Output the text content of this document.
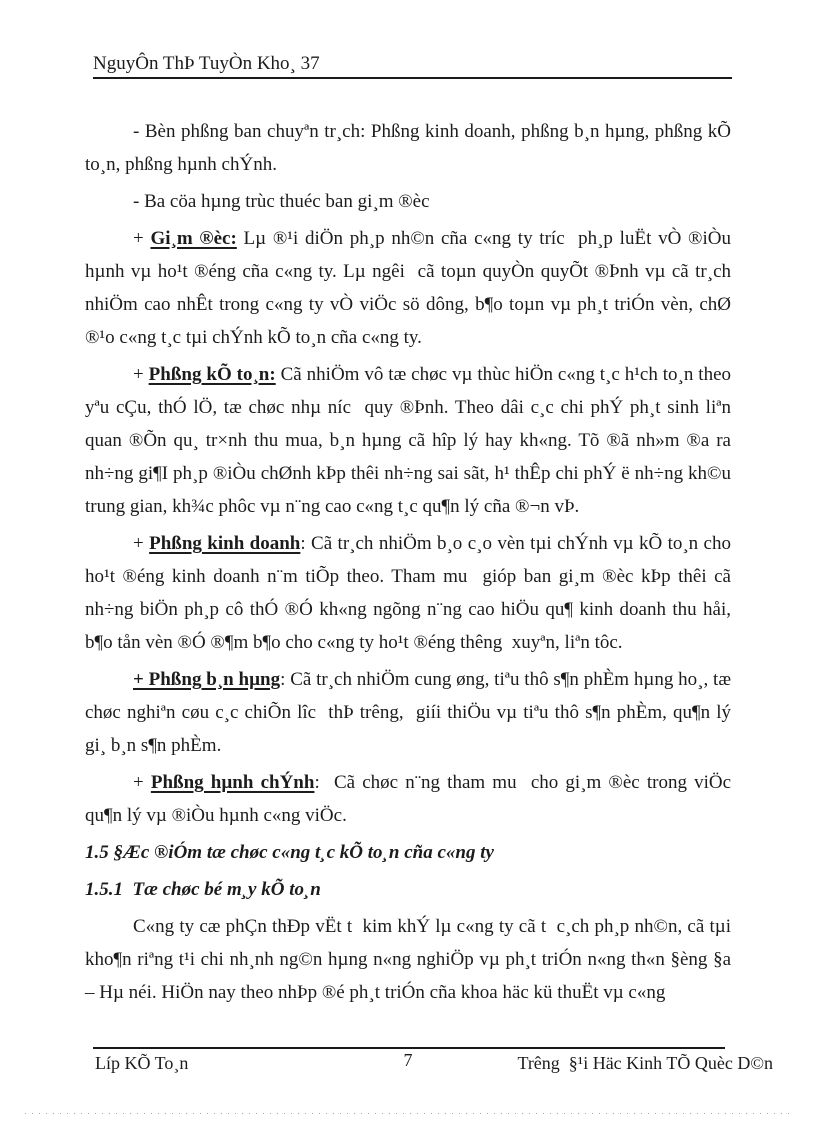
NguyÔn ThÞ TuyÒn Kho¸ 37

- Bèn phßng ban chuyªn tr¸ch: Phßng kinh doanh, phßng b¸n hµng, phßng kÕ to¸n, phßng hµnh chÝnh.

- Ba cöa hµng trùc thuéc ban gi¸m ®èc

+ Gi¸m ®èc: Lµ ®¹i diÖn ph¸p nh©n cña c«ng ty tríc  ph¸p luËt vÒ ®iÒu hµnh vµ ho¹t ®éng cña c«ng ty. Lµ ngêi  cã toµn quyÒn quyÕt ®Þnh vµ cã tr¸ch nhiÖm cao nhÊt trong c«ng ty vÒ viÖc sö dông, b¶o toµn vµ ph¸t triÓn vèn, chØ ®¹o c«ng t¸c tµi chÝnh kÕ to¸n cña c«ng ty.

+ Phßng kÕ to¸n: Cã nhiÖm vô tæ chøc vµ thùc hiÖn c«ng t¸c h¹ch to¸n theo yªu cÇu, thÓ lÖ, tæ chøc nhµ níc  quy ®Þnh. Theo dâi c¸c chi phÝ ph¸t sinh liªn quan ®Õn qu¸ tr×nh thu mua, b¸n hµng cã hîp lý hay kh«ng. Tõ ®ã nh»m ®a ra nh÷ng gi¶I ph¸p ®iÒu chØnh kÞp thêi nh÷ng sai sãt, h¹ thÊp chi phÝ ë nh÷ng kh©u trung gian, kh¾c phôc vµ n¨ng cao c«ng t¸c qu¶n lý cña ®¬n vÞ.

+ Phßng kinh doanh: Cã tr¸ch nhiÖm b¸o c¸o vèn tµi chÝnh vµ kÕ to¸n cho ho¹t ®éng kinh doanh n¨m tiÕp theo. Tham mu  gióp ban gi¸m ®èc kÞp thêi cã nh÷ng biÖn ph¸p cô thÓ ®Ó kh«ng ngõng n¨ng cao hiÖu qu¶ kinh doanh thu håi, b¶o tån vèn ®Ó ®¶m b¶o cho c«ng ty ho¹t ®éng thêng  xuyªn, liªn tôc.

+ Phßng b¸n hµng: Cã tr¸ch nhiÖm cung øng, tiªu thô s¶n phÈm hµng ho¸, tæ chøc nghiªn cøu c¸c chiÕn lîc  thÞ trêng,  giíi thiÖu vµ tiªu thô s¶n phÈm, qu¶n lý gi¸ b¸n s¶n phÈm.

+ Phßng hµnh chÝnh:  Cã chøc n¨ng tham mu  cho gi¸m ®èc trong viÖc qu¶n lý vµ ®iÒu hµnh c«ng viÖc.

1.5 §Æc ®iÓm tæ chøc c«ng t¸c kÕ to¸n cña c«ng ty

1.5.1  Tæ chøc bé m¸y kÕ to¸n

C«ng ty cæ phÇn thÐp vËt t  kim khÝ lµ c«ng ty cã t  c¸ch ph¸p nh©n, cã tµi kho¶n riªng t¹i chi nh¸nh ng©n hµng n«ng nghiÖp vµ ph¸t triÓn n«ng th«n §èng §a – Hµ néi. HiÖn nay theo nhÞp ®é ph¸t triÓn cña khoa häc kü thuËt vµ c«ng

Líp KÕ To¸n	7	Trêng  §¹i Häc Kinh TÕ Quèc D©n
